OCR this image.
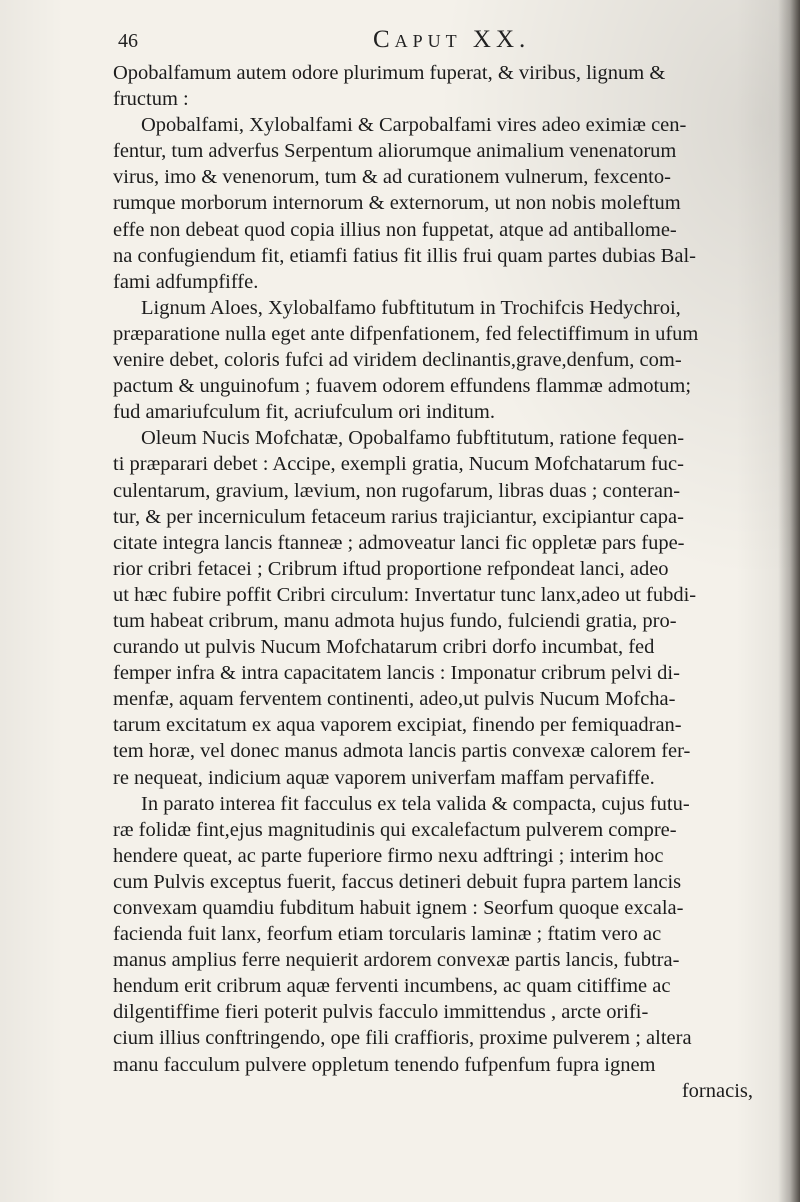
46	Caput XX.
Opobalfamum autem odore plurimum fuperat, & viribus, lignum &
fructum :
Opobalfami, Xylobalfami & Carpobalfami vires adeo eximiæ cen-
fentur, tum adverfus Serpentum aliorumque animalium venenatorum
virus, imo & venenorum, tum & ad curationem vulnerum, fexcento-
rumque morborum internorum & externorum, ut non nobis moleftum
effe non debeat quod copia illius non fuppetat, atque ad antiballome-
na confugiendum fit, etiamfi fatius fit illis frui quam partes dubias Bal-
fami adfumpfiffe.
Lignum Aloes, Xylobalfamo fubftitutum in Trochifcis Hedychroi,
præparatione nulla eget ante difpenfationem, fed felectiffimum in ufum
venire debet, coloris fufci ad viridem declinantis,grave,denfum, com-
pactum & unguinofum ; fuavem odorem effundens flammæ admotum;
fud amariufculum fit, acriufculum ori inditum.
Oleum Nucis Mofchatæ, Opobalfamo fubftitutum, ratione fequen-
ti præparari debet : Accipe, exempli gratia, Nucum Mofchatarum fuc-
culentarum, gravium, lævium, non rugofarum, libras duas ; conteran-
tur, & per incerniculum fetaceum rarius trajiciantur, excipiantur capa-
citate integra lancis ftanneæ ; admoveatur lanci fic oppletæ pars fupe-
rior cribri fetacei ; Cribrum iftud proportione refpondeat lanci, adeo
ut hæc fubire poffit Cribri circulum: Invertatur tunc lanx,adeo ut fubdi-
tum habeat cribrum, manu admota hujus fundo, fulciendi gratia, pro-
curando ut pulvis Nucum Mofchatarum cribri dorfo incumbat, fed
femper infra & intra capacitatem lancis : Imponatur cribrum pelvi di-
menfæ, aquam ferventem continenti, adeo,ut pulvis Nucum Mofcha-
tarum excitatum ex aqua vaporem excipiat, finendo per femiquadran-
tem horæ, vel donec manus admota lancis partis convexæ calorem fer-
re nequeat, indicium aquæ vaporem univerfam maffam pervafiffe.
In parato interea fit facculus ex tela valida & compacta, cujus futu-
ræ folidæ fint,ejus magnitudinis qui excalefactum pulverem compre-
hendere queat, ac parte fuperiore firmo nexu adftringi ; interim hoc
cum Pulvis exceptus fuerit, faccus detineri debuit fupra partem lancis
convexam quamdiu fubditum habuit ignem : Seorfum quoque excala-
facienda fuit lanx, feorfum etiam torcularis laminæ ; ftatim vero ac
manus amplius ferre nequierit ardorem convexæ partis lancis, fubtra-
hendum erit cribrum aquæ ferventi incumbens, ac quam citiffime ac
dilgentiffime fieri poterit pulvis facculo immittendus , arcte orifi-
cium illius conftringendo, ope fili craffioris, proxime pulverem ; altera
manu facculum pulvere oppletum tenendo fufpenfum fupra ignem
fornacis,
